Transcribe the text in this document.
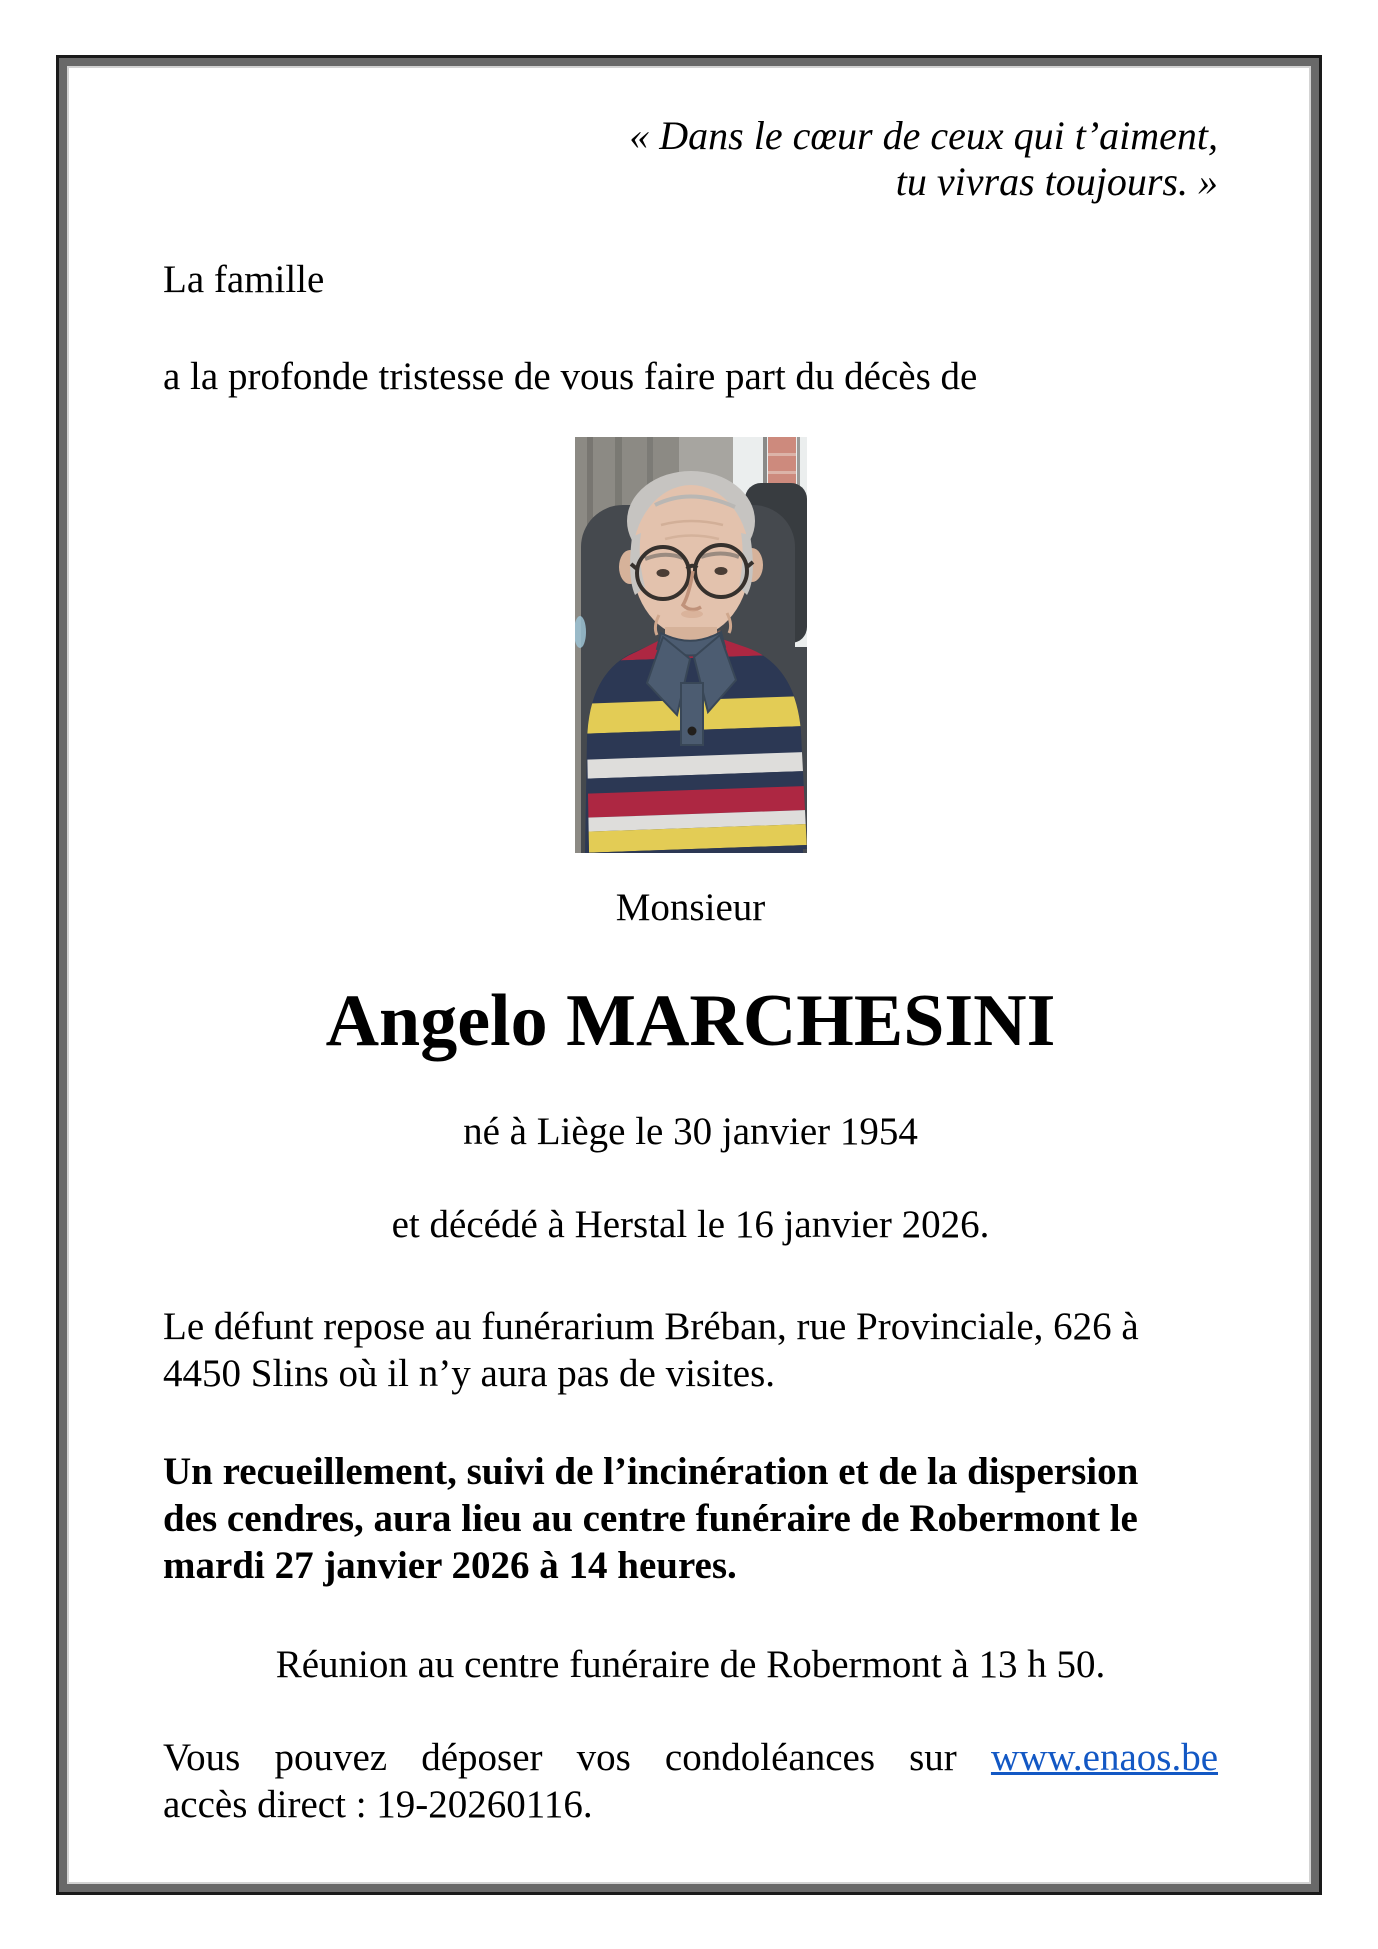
« Dans le cœur de ceux qui t’aiment,
tu vivras toujours. »
La famille
a la profonde tristesse de vous faire part du décès de
Monsieur
Angelo MARCHESINI
né à Liège le 30 janvier 1954
et décédé à Herstal le 16 janvier 2026.
Le défunt repose au funérarium Bréban, rue Provinciale, 626 à
4450 Slins où il n’y aura pas de visites.
Un recueillement, suivi de l’incinération et de la dispersion
des cendres, aura lieu au centre funéraire de Robermont le
mardi 27 janvier 2026 à 14 heures.
Réunion au centre funéraire de Robermont à 13 h 50.
Vous pouvez déposer vos condoléances sur www.enaos.be
accès direct : 19-20260116.
